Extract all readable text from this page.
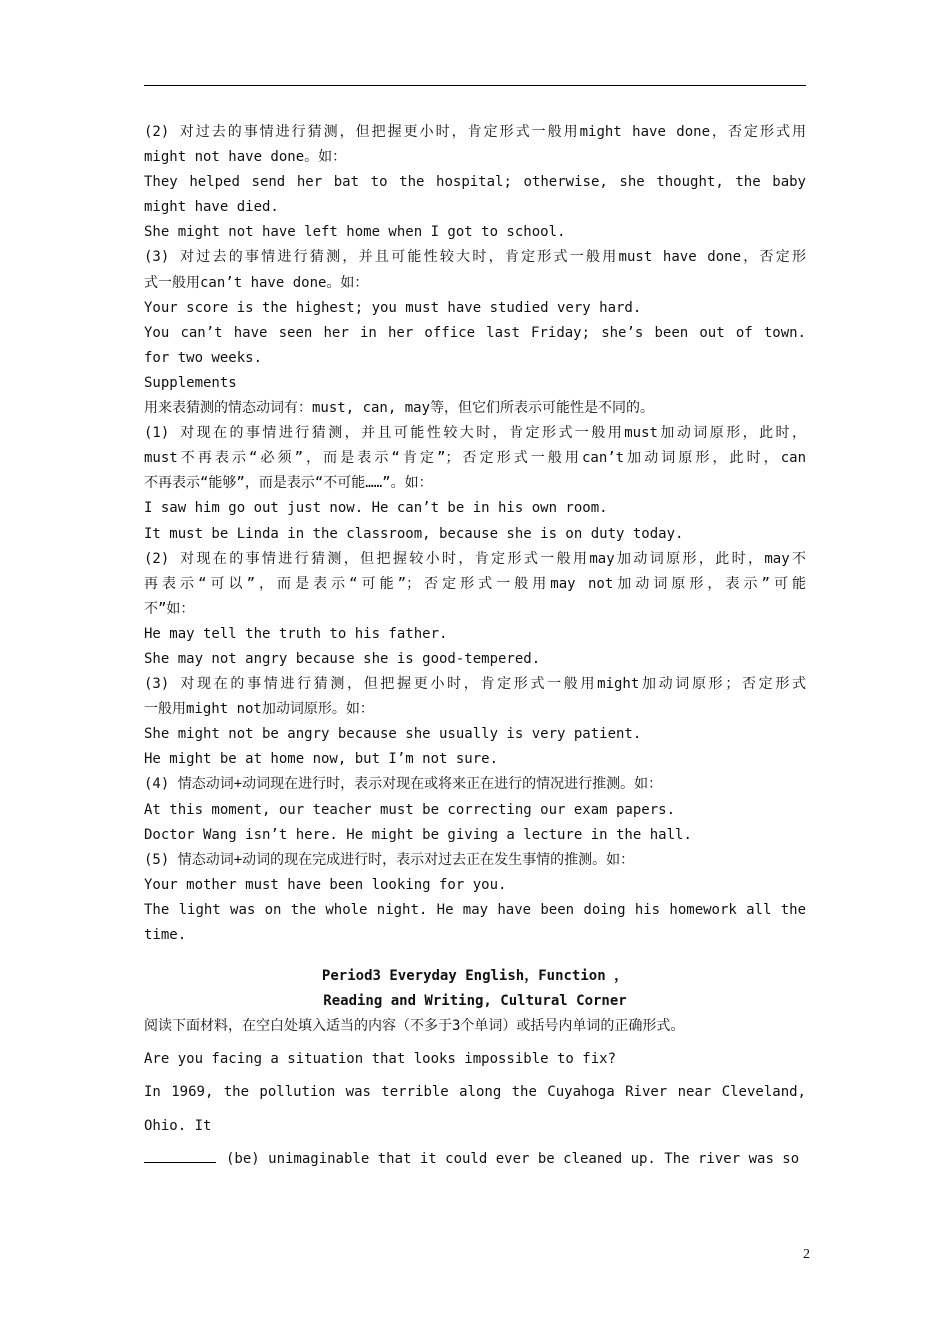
(2) 对过去的事情进行猜测，但把握更小时，肯定形式一般用might have done，否定形式用
might not have done。如：
They helped send her bat to the hospital; otherwise, she thought, the baby
might have died.
She might not have left home when I got to school.
(3) 对过去的事情进行猜测，并且可能性较大时，肯定形式一般用must have done，否定形
式一般用can’t have done。如：
Your score is the highest; you must have studied very hard.
You can’t have seen her in her office last Friday; she’s been out of town.
for two weeks.
Supplements
用来表猜测的情态动词有：must, can, may等，但它们所表示可能性是不同的。
(1) 对现在的事情进行猜测，并且可能性较大时，肯定形式一般用must加动词原形，此时，
must不再表示“必须”，而是表示“肯定”；否定形式一般用can’t加动词原形，此时，can
不再表示“能够”，而是表示“不可能……”。如：
I saw him go out just now. He can’t be in his own room.
It must be Linda in the classroom, because she is on duty today.
(2) 对现在的事情进行猜测，但把握较小时，肯定形式一般用may加动词原形，此时，may不
再表示“可以”，而是表示“可能”；否定形式一般用may not加动词原形，表示”可能
不”如：
He may tell the truth to his father.
She may not angry because she is good-tempered.
(3) 对现在的事情进行猜测，但把握更小时，肯定形式一般用might加动词原形；否定形式
一般用might not加动词原形。如：
She might not be angry because she usually is very patient.
He might be at home now, but I’m not sure.
(4) 情态动词+动词现在进行时，表示对现在或将来正在进行的情况进行推测。如：
At this moment, our teacher must be correcting our exam papers.
Doctor Wang isn’t here. He might be giving a lecture in the hall.
(5) 情态动词+动词的现在完成进行时，表示对过去正在发生事情的推测。如：
Your mother must have been looking for you.
The light was on the whole night. He may have been doing his homework all the
time.
Period3 Everyday English，Function ，
Reading and Writing, Cultural Corner
阅读下面材料，在空白处填入适当的内容（不多于3个单词）或括号内单词的正确形式。
Are you facing a situation that looks impossible to fix?
In 1969, the pollution was terrible along the Cuyahoga River near Cleveland,
Ohio. It
(be) unimaginable that it could ever be cleaned up. The river was so
2
